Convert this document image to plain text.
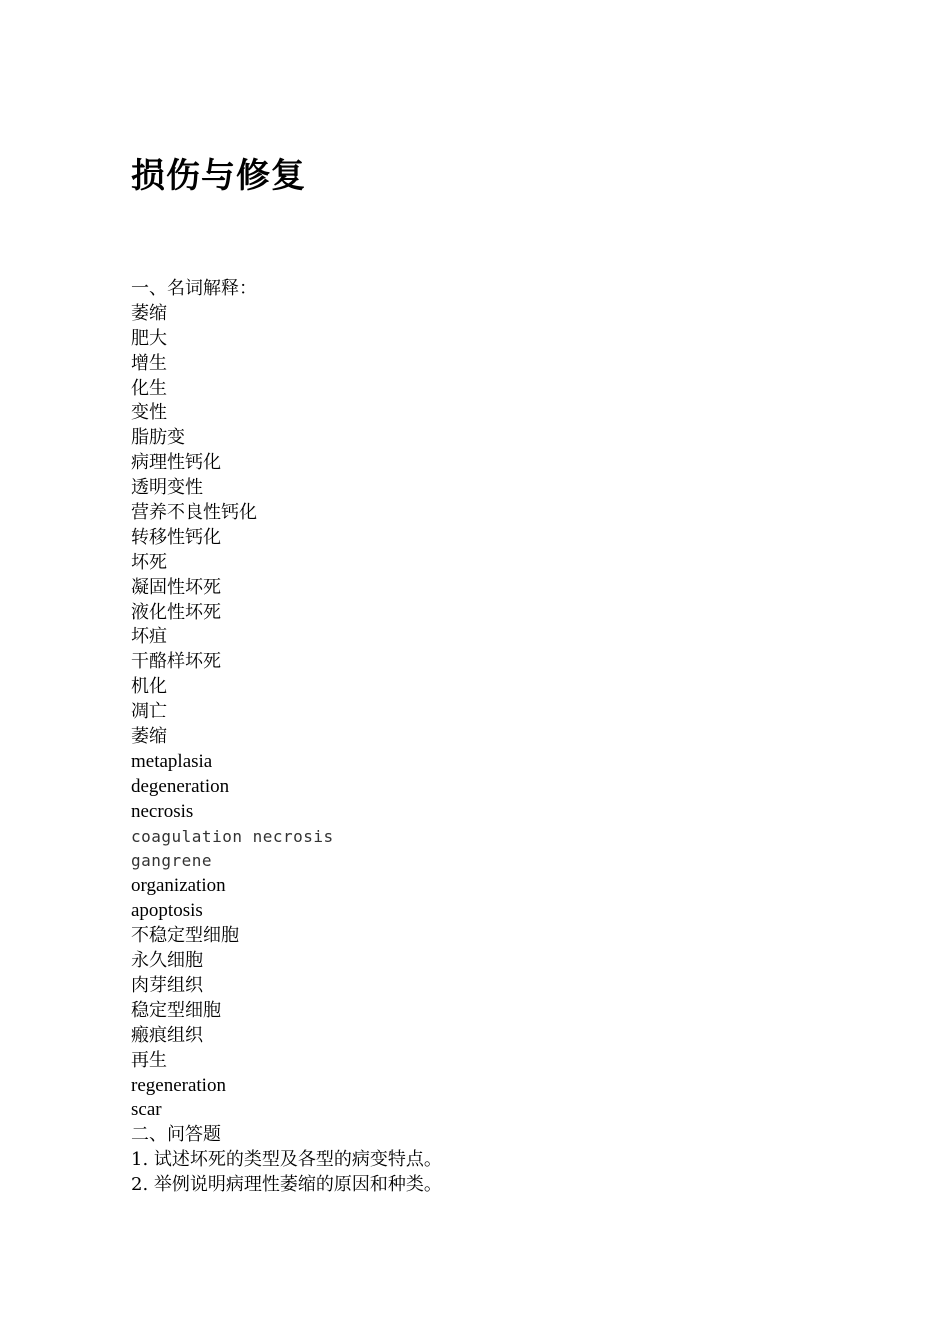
损伤与修复
一、名词解释：
萎缩
肥大
增生
化生
变性
脂肪变
病理性钙化
透明变性
营养不良性钙化
转移性钙化
坏死
凝固性坏死
液化性坏死
坏疽
干酪样坏死
机化
凋亡
萎缩
metaplasia
degeneration
necrosis
coagulation necrosis
gangrene
organization
apoptosis
不稳定型细胞
永久细胞
肉芽组织
稳定型细胞
瘢痕组织
再生
regeneration
scar
二、问答题
1. 试述坏死的类型及各型的病变特点。
2. 举例说明病理性萎缩的原因和种类。
